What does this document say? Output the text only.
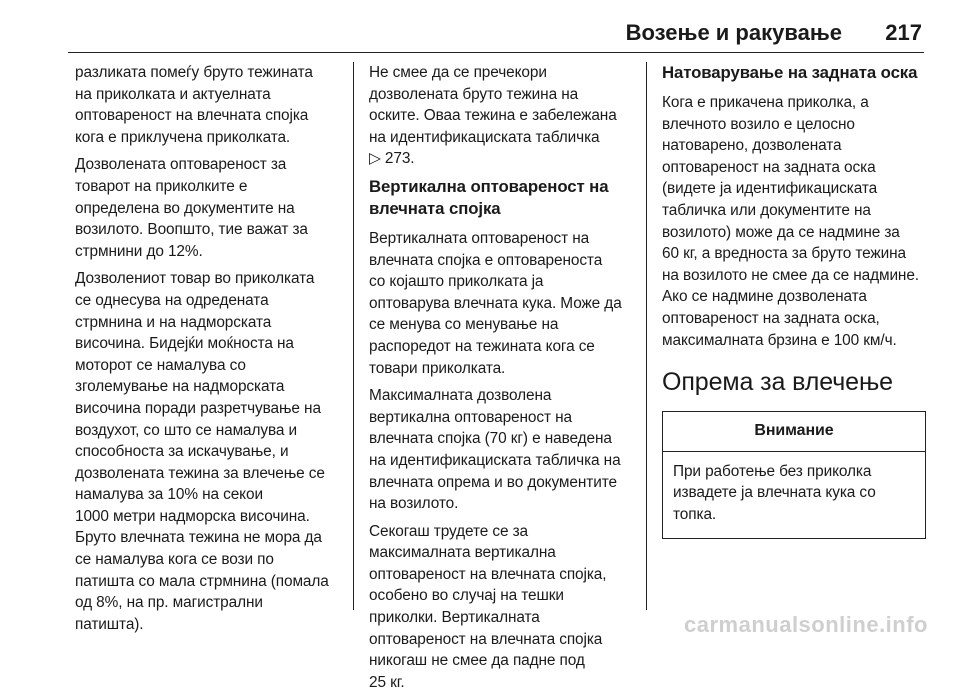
Возење и ракување 217

разликата помеѓу бруто тежината
на приколката и актуелната
оптовареност на влечната спојка
кога е приклучена приколката.

Дозволената оптовареност за
товарот на приколките е
определена во документите на
возилото. Воопшто, тие важат за
стрмнини до 12%.

Дозволениот товар во приколката
се однесува на одредената
стрмнина и на надморската
височина. Бидејќи моќноста на
моторот се намалува со
зголемување на надморската
височина поради разретчување на
воздухот, со што се намалува и
способноста за искачување, и
дозволената тежина за влечење се
намалува за 10% на секои
1000 метри надморска височина.
Бруто влечната тежина не мора да
се намалува кога се вози по
патишта со мала стрмнина (помала
од 8%, на пр. магистрални
патишта).

Не смее да се пречекори
дозволената бруто тежина на
оските. Оваа тежина е забележана
на идентификациската табличка
▷ 273.

Вертикална оптовареност на
влечната спојка

Вертикалната оптовареност на
влечната спојка е оптовареноста
со којашто приколката ја
оптоварува влечната кука. Може да
се менува со менување на
распоредот на тежината кога се
товари приколката.

Максималната дозволена
вертикална оптовареност на
влечната спојка (70 кг) е наведена
на идентификациската табличка на
влечната опрема и во документите
на возилото.

Секогаш трудете се за
максималната вертикална
оптовареност на влечната спојка,
особено во случај на тешки
приколки. Вертикалната
оптовареност на влечната спојка
никогаш не смее да падне под
25 кг.

Натоварување на задната оска

Кога е прикачена приколка, а
влечното возило е целосно
натоварено, дозволената
оптовареност на задната оска
(видете ја идентификациската
табличка или документите на
возилото) може да се надмине за
60 кг, а вредноста за бруто тежина
на возилото не смее да се надмине.
Ако се надмине дозволената
оптовареност на задната оска,
максималната брзина е 100 км/ч.

Опрема за влечење
Внимание
При работење без приколка
извадете ја влечната кука со
топка.
carmanualsonline.info
